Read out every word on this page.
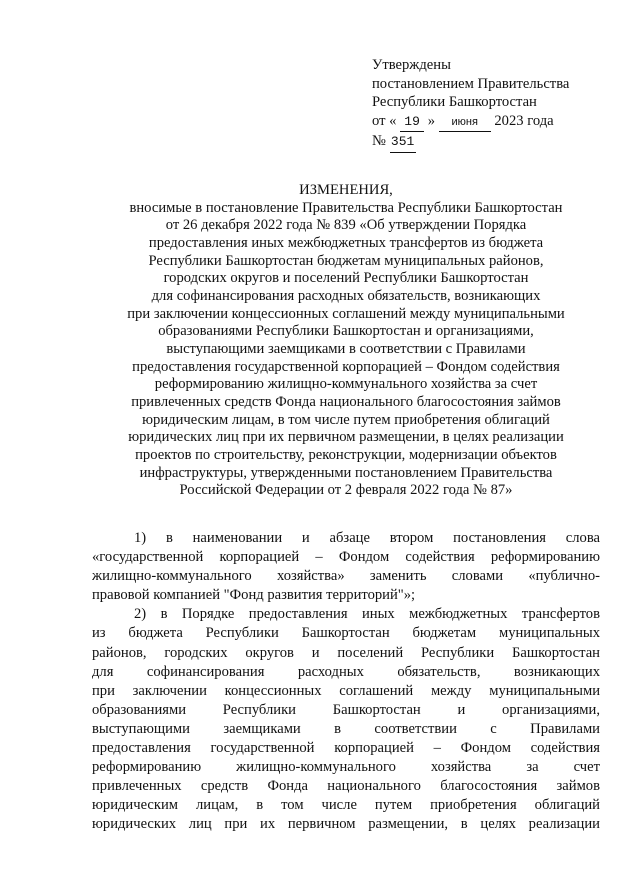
Утверждены
постановлением Правительства
Республики Башкортостан
от « 19 » июня 2023 года
№ 351
ИЗМЕНЕНИЯ,
вносимые в постановление Правительства Республики Башкортостан
от 26 декабря 2022 года № 839 «Об утверждении Порядка
предоставления иных межбюджетных трансфертов из бюджета
Республики Башкортостан бюджетам муниципальных районов,
городских округов и поселений Республики Башкортостан
для софинансирования расходных обязательств, возникающих
при заключении концессионных соглашений между муниципальными
образованиями Республики Башкортостан и организациями,
выступающими заемщиками в соответствии с Правилами
предоставления государственной корпорацией – Фондом содействия
реформированию жилищно-коммунального хозяйства за счет
привлеченных средств Фонда национального благосостояния займов
юридическим лицам, в том числе путем приобретения облигаций
юридических лиц при их первичном размещении, в целях реализации
проектов по строительству, реконструкции, модернизации объектов
инфраструктуры, утвержденными постановлением Правительства
Российской Федерации от 2 февраля 2022 года № 87»
1) в наименовании и абзаце втором постановления слова
«государственной корпорацией – Фондом содействия реформированию
жилищно-коммунального хозяйства» заменить словами «публично-
правовой компанией "Фонд развития территорий"»;
2) в Порядке предоставления иных межбюджетных трансфертов
из бюджета Республики Башкортостан бюджетам муниципальных
районов, городских округов и поселений Республики Башкортостан
для софинансирования расходных обязательств, возникающих
при заключении концессионных соглашений между муниципальными
образованиями Республики Башкортостан и организациями,
выступающими заемщиками в соответствии с Правилами
предоставления государственной корпорацией – Фондом содействия
реформированию жилищно-коммунального хозяйства за счет
привлеченных средств Фонда национального благосостояния займов
юридическим лицам, в том числе путем приобретения облигаций
юридических лиц при их первичном размещении, в целях реализации
